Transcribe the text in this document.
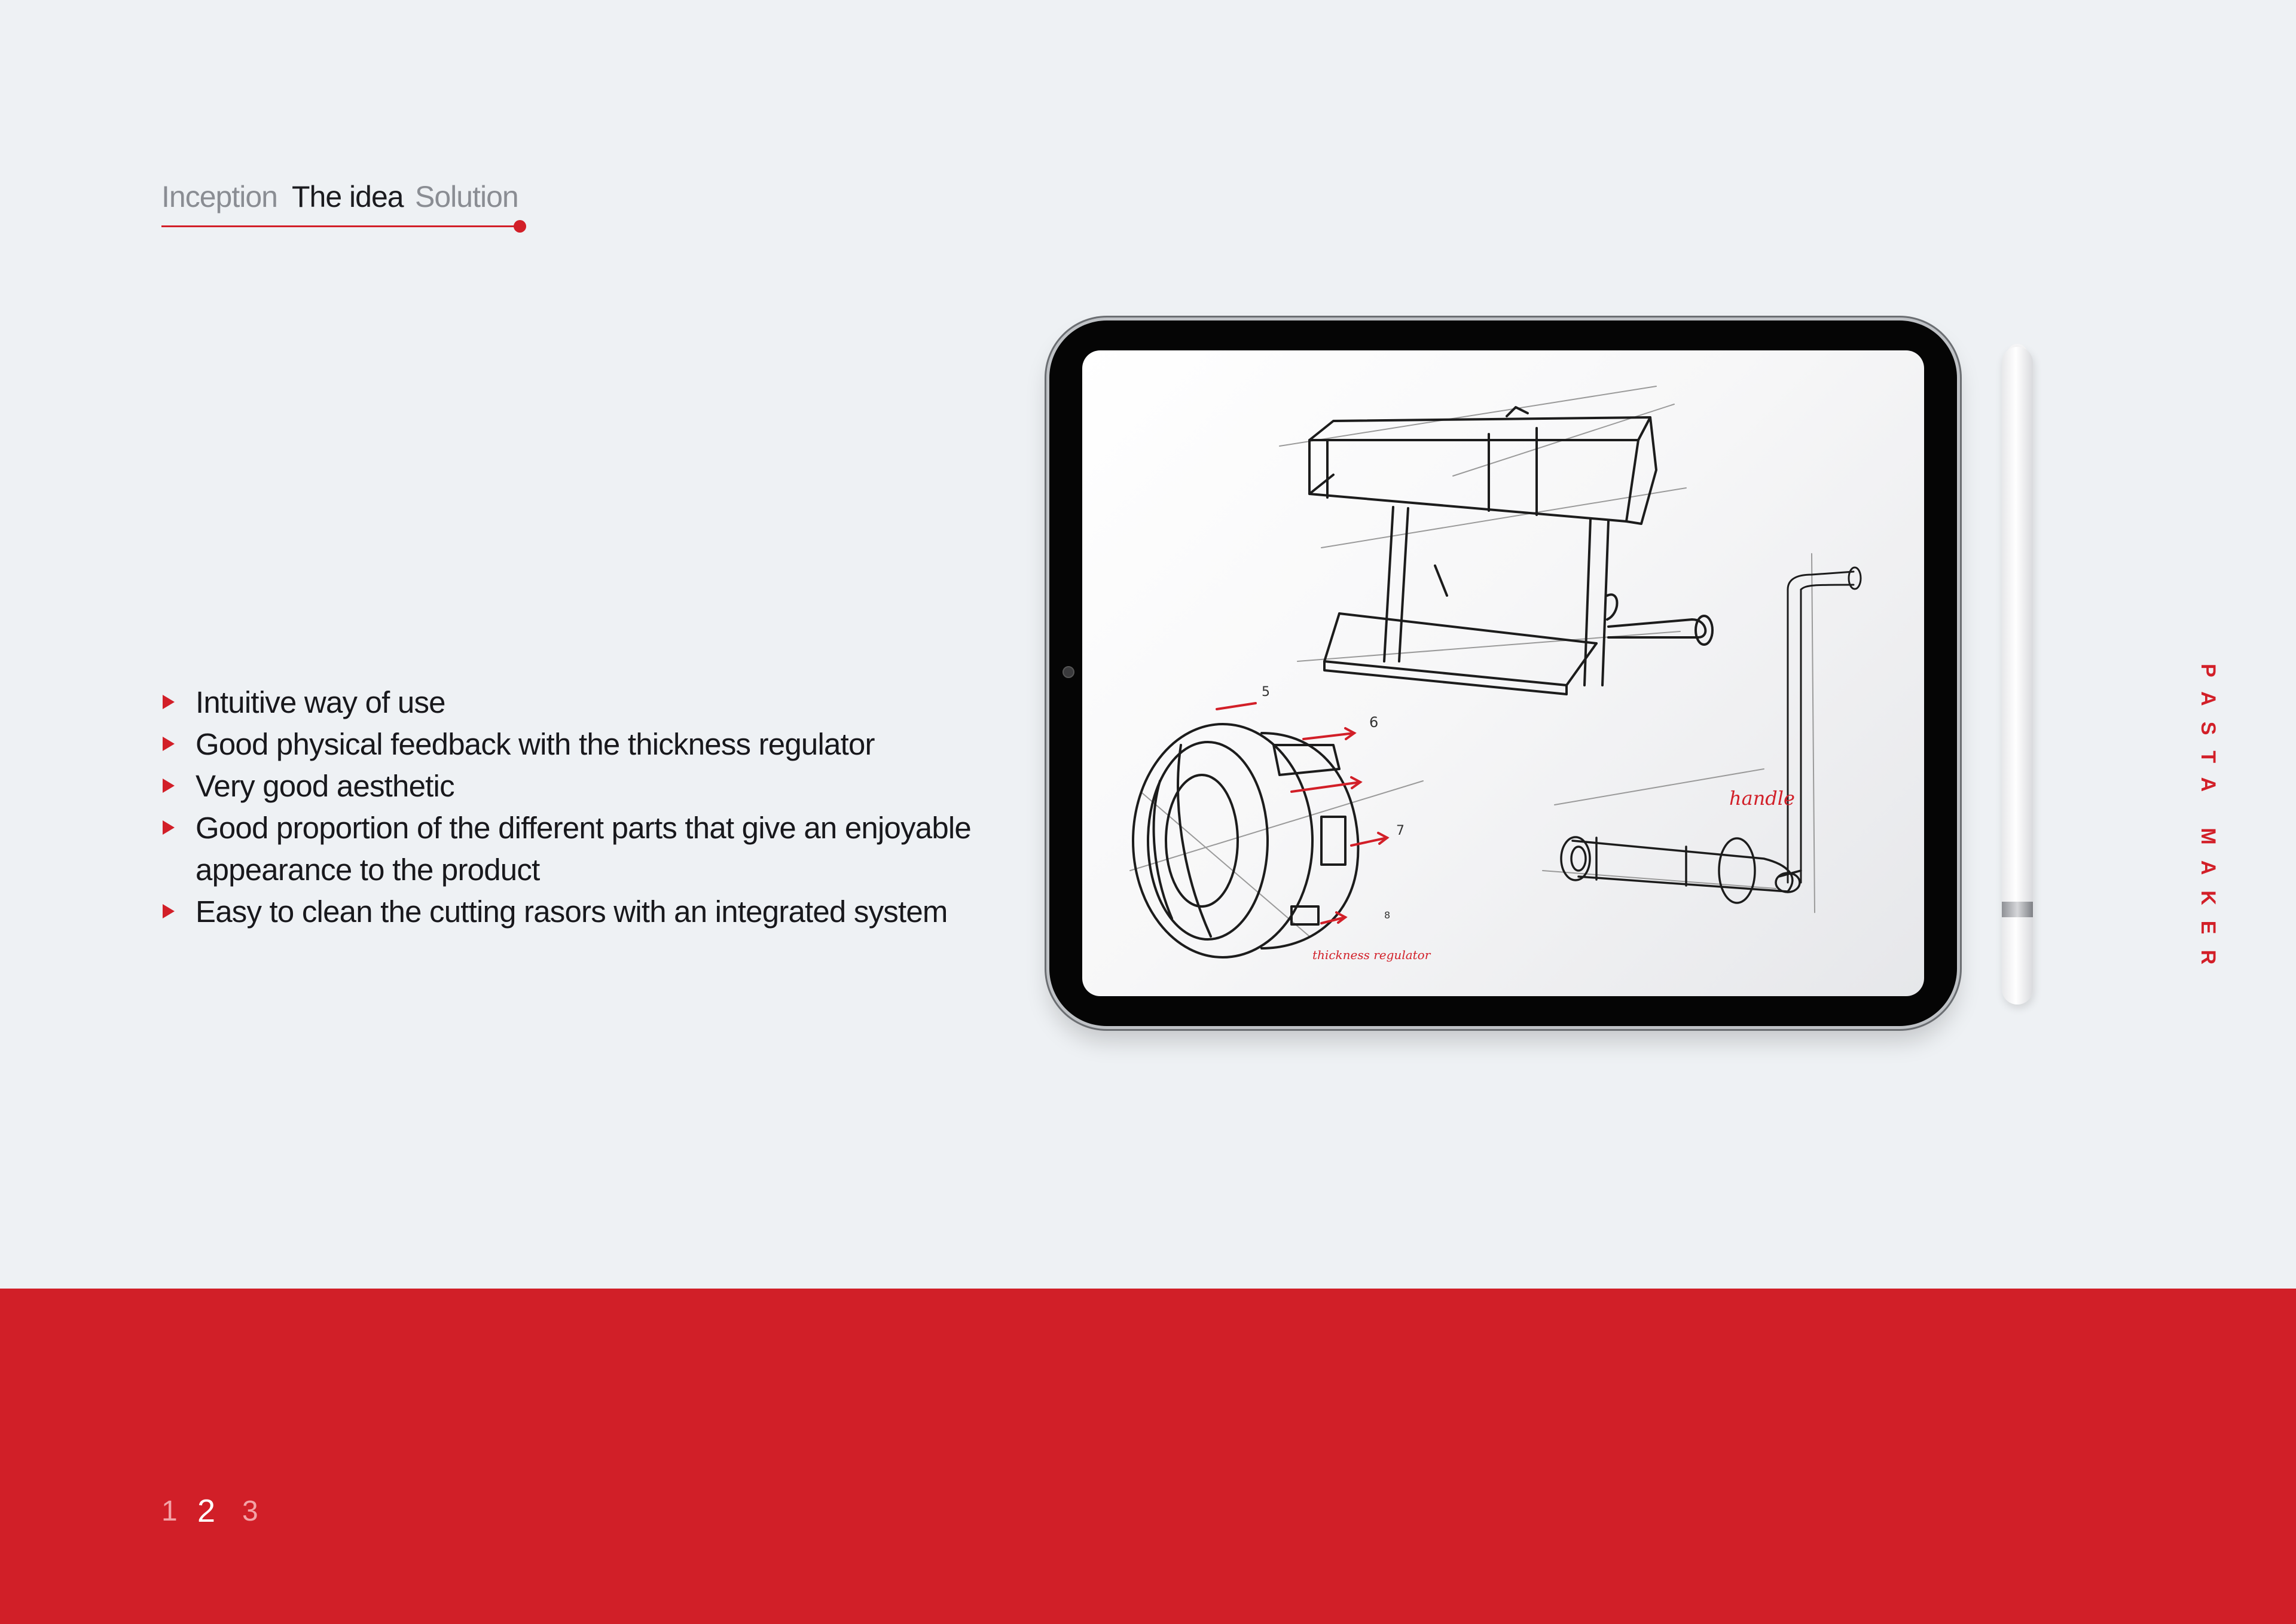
Inception The idea Solution
Intuitive way of use
Good physical feedback with the thickness regulator
Very good aesthetic
Good proportion of the different parts that give an enjoyable appearance to the product
Easy to clean the cutting rasors with an integrated system
handle
thickness regulator
5
6
7
8	PASTA MAKER
1 2 3
